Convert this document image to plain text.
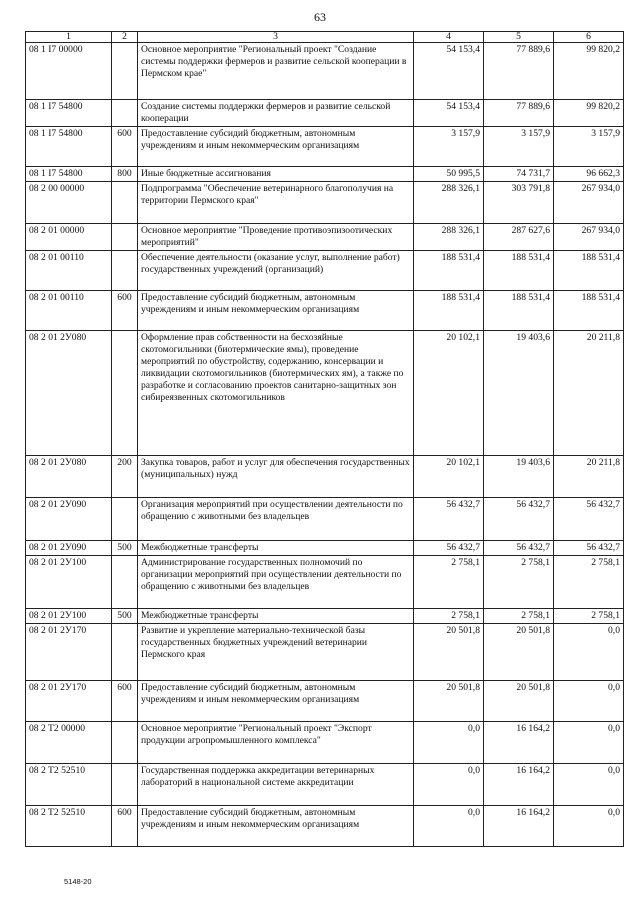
63
1	2	3	4	5	6
08 1 I7 00000		Основное мероприятие "Региональный проект "Создание системы поддержки фермеров и развитие сельской кооперации в Пермском крае"	54 153,4	77 889,6	99 820,2
08 1 I7 54800		Создание системы поддержки фермеров и развитие сельской кооперации	54 153,4	77 889,6	99 820,2
08 1 I7 54800	600	Предоставление субсидий бюджетным, автономным учреждениям и иным некоммерческим организациям	3 157,9	3 157,9	3 157,9
08 1 I7 54800	800	Иные бюджетные ассигнования	50 995,5	74 731,7	96 662,3
08 2 00 00000		Подпрограмма "Обеспечение ветеринарного благополучия на территории Пермского края"	288 326,1	303 791,8	267 934,0
08 2 01 00000		Основное мероприятие "Проведение противоэпизоотических мероприятий"	288 326,1	287 627,6	267 934,0
08 2 01 00110		Обеспечение деятельности (оказание услуг, выполнение работ) государственных учреждений (организаций)	188 531,4	188 531,4	188 531,4
08 2 01 00110	600	Предоставление субсидий бюджетным, автономным учреждениям и иным некоммерческим организациям	188 531,4	188 531,4	188 531,4
08 2 01 2У080		Оформление прав собственности на бесхозяйные скотомогильники (биотермические ямы), проведение мероприятий по обустройству, содержанию, консервации и ликвидации скотомогильников (биотермических ям), а также по разработке и согласованию проектов санитарно-защитных зон сибиреязвенных скотомогильников	20 102,1	19 403,6	20 211,8
08 2 01 2У080	200	Закупка товаров, работ и услуг для обеспечения государственных (муниципальных) нужд	20 102,1	19 403,6	20 211,8
08 2 01 2У090		Организация мероприятий при осуществлении деятельности по обращению с животными без владельцев	56 432,7	56 432,7	56 432,7
08 2 01 2У090	500	Межбюджетные трансферты	56 432,7	56 432,7	56 432,7
08 2 01 2У100		Администрирование государственных полномочий по организации мероприятий при осуществлении деятельности по обращению с животными без владельцев	2 758,1	2 758,1	2 758,1
08 2 01 2У100	500	Межбюджетные трансферты	2 758,1	2 758,1	2 758,1
08 2 01 2У170		Развитие и укрепление материально-технической базы государственных бюджетных учреждений ветеринарии Пермского края	20 501,8	20 501,8	0,0
08 2 01 2У170	600	Предоставление субсидий бюджетным, автономным учреждениям и иным некоммерческим организациям	20 501,8	20 501,8	0,0
08 2 T2 00000		Основное мероприятие "Региональный проект "Экспорт продукции агропромышленного комплекса"	0,0	16 164,2	0,0
08 2 T2 52510		Государственная поддержка аккредитации ветеринарных лабораторий в национальной системе аккредитации	0,0	16 164,2	0,0
08 2 T2 52510	600	Предоставление субсидий бюджетным, автономным учреждениям и иным некоммерческим организациям	0,0	16 164,2	0,0
5148-20
